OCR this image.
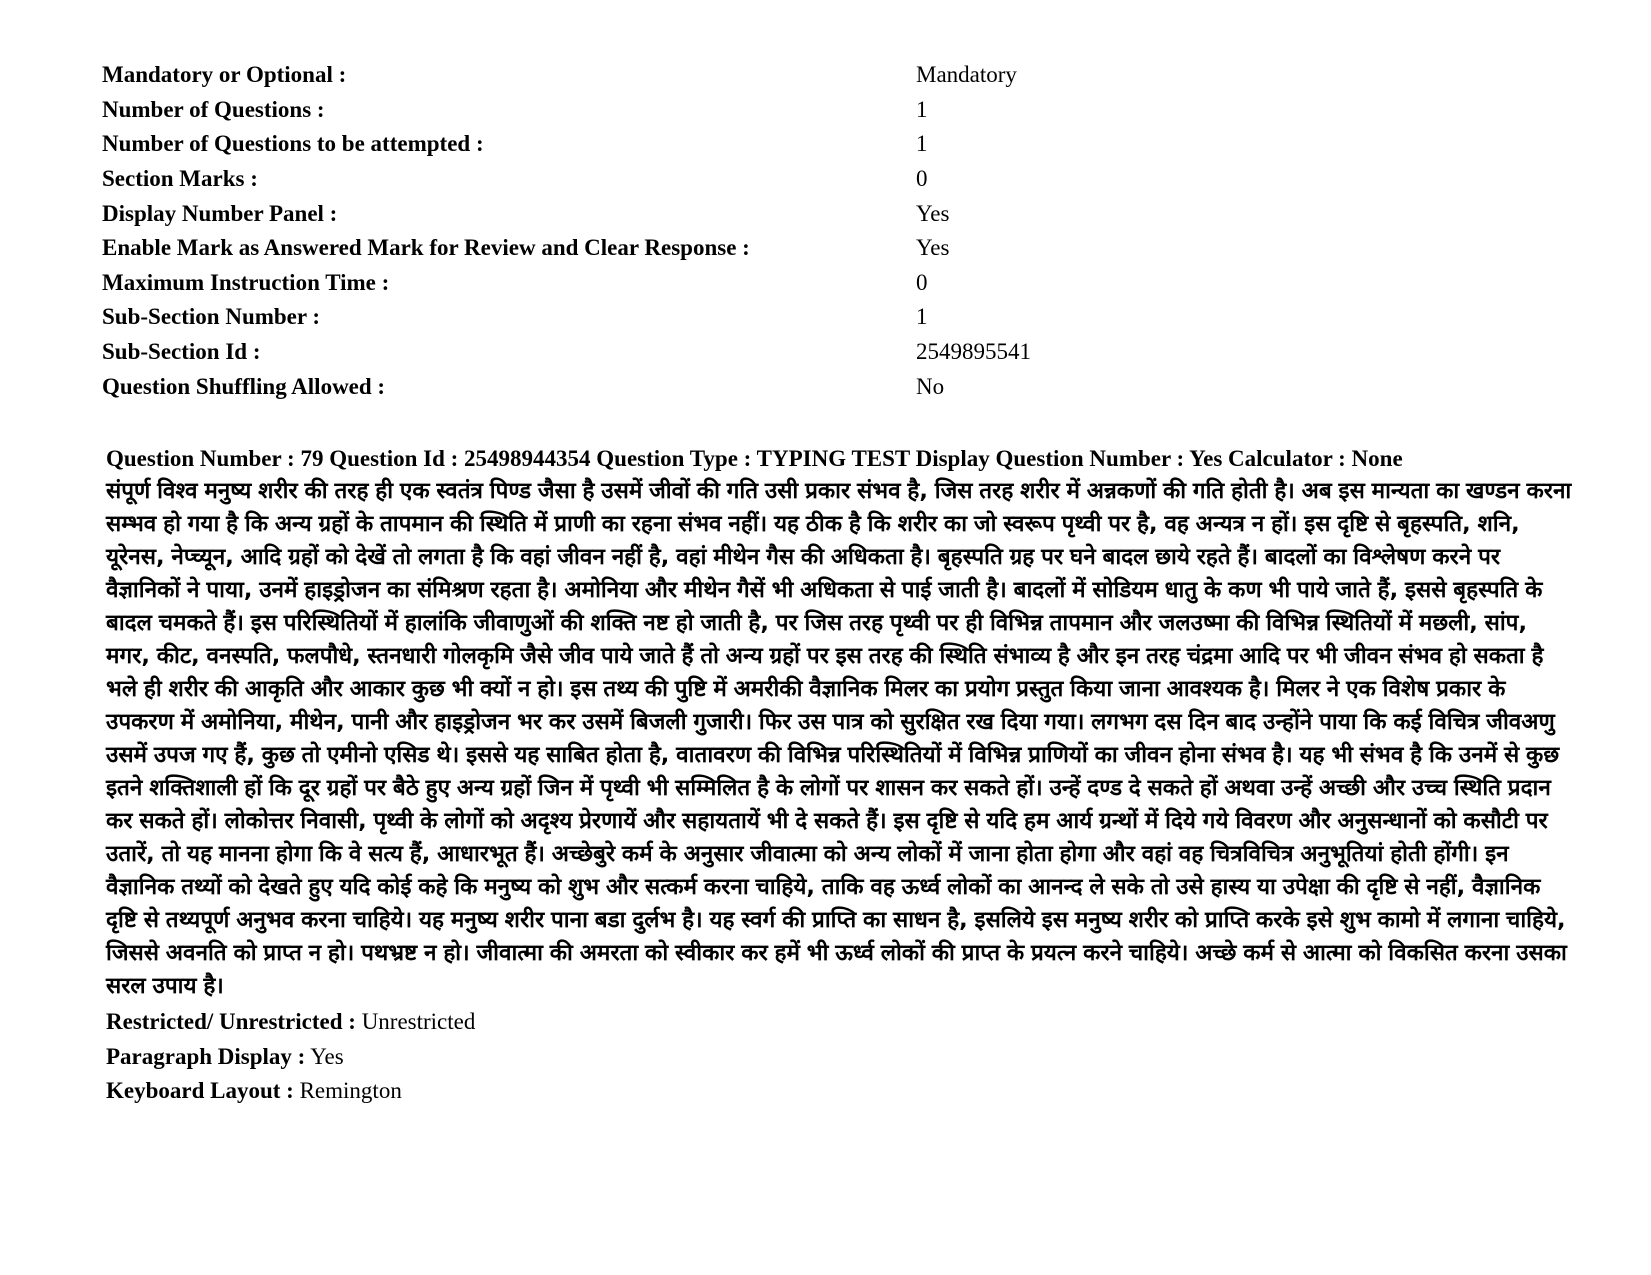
Mandatory or Optional :	Mandatory
Number of Questions :	1
Number of Questions to be attempted :	1
Section Marks :	0
Display Number Panel :	Yes
Enable Mark as Answered Mark for Review and Clear Response :	Yes
Maximum Instruction Time :	0
Sub-Section Number :	1
Sub-Section Id :	2549895541
Question Shuffling Allowed :	No
Question Number : 79 Question Id : 25498944354 Question Type : TYPING TEST Display Question Number : Yes Calculator : None
संपूर्ण विश्व मनुष्य शरीर की तरह ही एक स्वतंत्र पिण्ड जैसा है उसमें जीवों की गति उसी प्रकार संभव है, जिस तरह शरीर में अन्नकणों की गति होती है। अब इस मान्यता का खण्डन करना सम्भव हो गया है कि अन्य ग्रहों के तापमान की स्थिति में प्राणी का रहना संभव नहीं। यह ठीक है कि शरीर का जो स्वरूप पृथ्वी पर है, वह अन्यत्र न हों। इस दृष्टि से बृहस्पति, शनि, यूरेनस, नेप्च्यून, आदि ग्रहों को देखें तो लगता है कि वहां जीवन नहीं है, वहां मीथेन गैस की अधिकता है। बृहस्पति ग्रह पर घने बादल छाये रहते हैं। बादलों का विश्लेषण करने पर वैज्ञानिकों ने पाया, उनमें हाइड्रोजन का संमिश्रण रहता है। अमोनिया और मीथेन गैसें भी अधिकता से पाई जाती है। बादलों में सोडियम धातु के कण भी पाये जाते हैं, इससे बृहस्पति के बादल चमकते हैं। इस परिस्थितियों में हालांकि जीवाणुओं की शक्ति नष्ट हो जाती है, पर जिस तरह पृथ्वी पर ही विभिन्न तापमान और जलउष्मा की विभिन्न स्थितियों में मछली, सांप, मगर, कीट, वनस्पति, फलपौधे, स्तनधारी गोलकृमि जैसे जीव पाये जाते हैं तो अन्य ग्रहों पर इस तरह की स्थिति संभाव्य है और इन तरह चंद्रमा आदि पर भी जीवन संभव हो सकता है भले ही शरीर की आकृति और आकार कुछ भी क्यों न हो। इस तथ्य की पुष्टि में अमरीकी वैज्ञानिक मिलर का प्रयोग प्रस्तुत किया जाना आवश्यक है। मिलर ने एक विशेष प्रकार के उपकरण में अमोनिया, मीथेन, पानी और हाइड्रोजन भर कर उसमें बिजली गुजारी। फिर उस पात्र को सुरक्षित रख दिया गया। लगभग दस दिन बाद उन्होंने पाया कि कई विचित्र जीवअणु उसमें उपज गए हैं, कुछ तो एमीनो एसिड थे। इससे यह साबित होता है, वातावरण की विभिन्न परिस्थितियों में विभिन्न प्राणियों का जीवन होना संभव है। यह भी संभव है कि उनमें से कुछ इतने शक्तिशाली हों कि दूर ग्रहों पर बैठे हुए अन्य ग्रहों जिन में पृथ्वी भी सम्मिलित है के लोगों पर शासन कर सकते हों। उन्हें दण्ड दे सकते हों अथवा उन्हें अच्छी और उच्च स्थिति प्रदान कर सकते हों। लोकोत्तर निवासी, पृथ्वी के लोगों को अदृश्य प्रेरणायें और सहायतायें भी दे सकते हैं। इस दृष्टि से यदि हम आर्य ग्रन्थों में दिये गये विवरण और अनुसन्धानों को कसौटी पर उतारें, तो यह मानना होगा कि वे सत्य हैं, आधारभूत हैं। अच्छेबुरे कर्म के अनुसार जीवात्मा को अन्य लोकों में जाना होता होगा और वहां वह चित्रविचित्र अनुभूतियां होती होंगी। इन वैज्ञानिक तथ्यों को देखते हुए यदि कोई कहे कि मनुष्य को शुभ और सत्कर्म करना चाहिये, ताकि वह ऊर्ध्व लोकों का आनन्द ले सके तो उसे हास्य या उपेक्षा की दृष्टि से नहीं, वैज्ञानिक दृष्टि से तथ्यपूर्ण अनुभव करना चाहिये। यह मनुष्य शरीर पाना बडा दुर्लभ है। यह स्वर्ग की प्राप्ति का साधन है, इसलिये इस मनुष्य शरीर को प्राप्ति करके इसे शुभ कामो में लगाना चाहिये, जिससे अवनति को प्राप्त न हो। पथभ्रष्ट न हो। जीवात्मा की अमरता को स्वीकार कर हमें भी ऊर्ध्व लोकों की प्राप्त के प्रयत्न करने चाहिये। अच्छे कर्म से आत्मा को विकसित करना उसका सरल उपाय है।
Restricted/ Unrestricted : Unrestricted
Paragraph Display : Yes
Keyboard Layout : Remington
